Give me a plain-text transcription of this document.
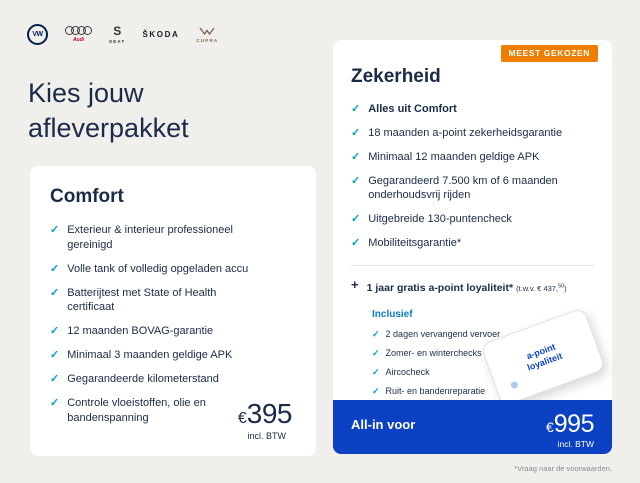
VW
Audi
S
SEAT
ŠKODA
CUPRA
Kies jouw
afleverpakket
Comfort
✓ Exterieur & interieur professioneel gereinigd
✓ Volle tank of volledig opgeladen accu
✓ Batterijtest met State of Health certificaat
✓ 12 maanden BOVAG-garantie
✓ Minimaal 3 maanden geldige APK
✓ Gegarandeerde kilometerstand
✓ Controle vloeistoffen, olie en bandenspanning	€ 395
incl. BTW
MEEST GEKOZEN
Zekerheid
✓ Alles uit Comfort
✓ 18 maanden a-point zekerheidsgarantie
✓ Minimaal 12 maanden geldige APK
✓ Gegarandeerd 7.500 km of 6 maanden onderhoudsvrij rijden
✓ Uitgebreide 130-puntencheck
✓ Mobiliteitsgarantie*
+ 1 jaar gratis a-point loyaliteit* (t.w.v. € 437,50)
Inclusief
✓ 2 dagen vervangend vervoer
✓ Zomer- en winterchecks
✓ Aircocheck
✓ Ruit- en bandenreparatie
a-point loyaliteit
All-in voor	€ 995
incl. BTW
*Vraag naar de voorwaarden.
